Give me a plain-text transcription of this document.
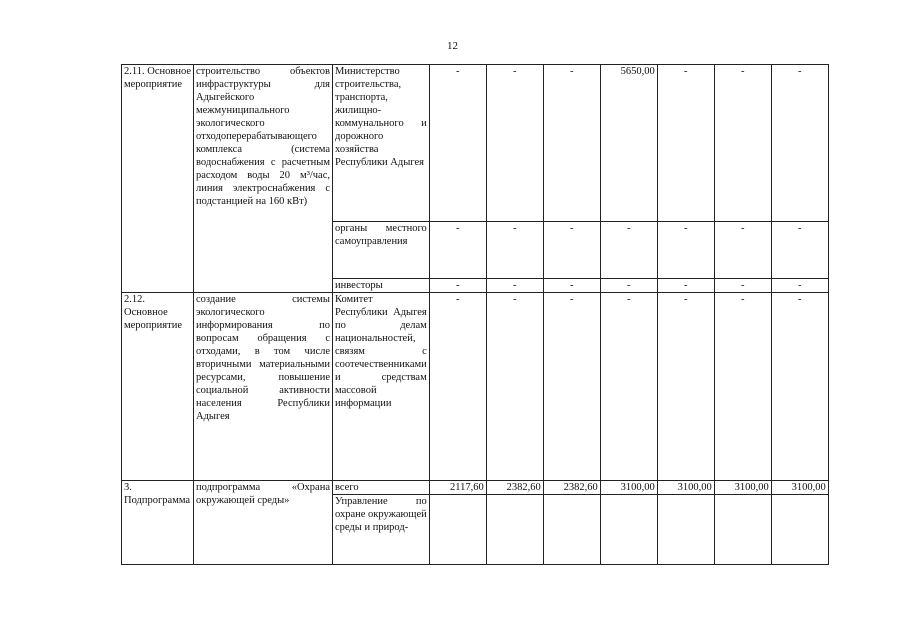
12
2.11. Основное мероприятие	строительство объектов инфраструктуры для Адыгейского межмуниципального экологического отходоперерабатывающего комплекса (система водоснабжения с расчетным расходом воды 20 м³/час, линия электроснабжения с подстанцией на 160 кВт)	Министерство строительства, транспорта, жилищно-коммунального и дорожного хозяйства Республики Адыгея	-	-	-	5650,00	-	-	-
		органы местного самоуправления	-	-	-	-	-	-	-
		инвесторы	-	-	-	-	-	-	-
2.12. Основное мероприятие	создание системы экологического информирования по вопросам обращения с отходами, в том числе вторичными материальными ресурсами, повышение социальной активности населения Республики Адыгея	Комитет Республики Адыгея по делам национальностей, связям с соотечественниками и средствам массовой информации	-	-	-	-	-	-	-
3. Подпрограмма	подпрограмма «Охрана окружающей среды»	всего	2117,60	2382,60	2382,60	3100,00	3100,00	3100,00	3100,00
		Управление по охране окружающей среды и природ-							
